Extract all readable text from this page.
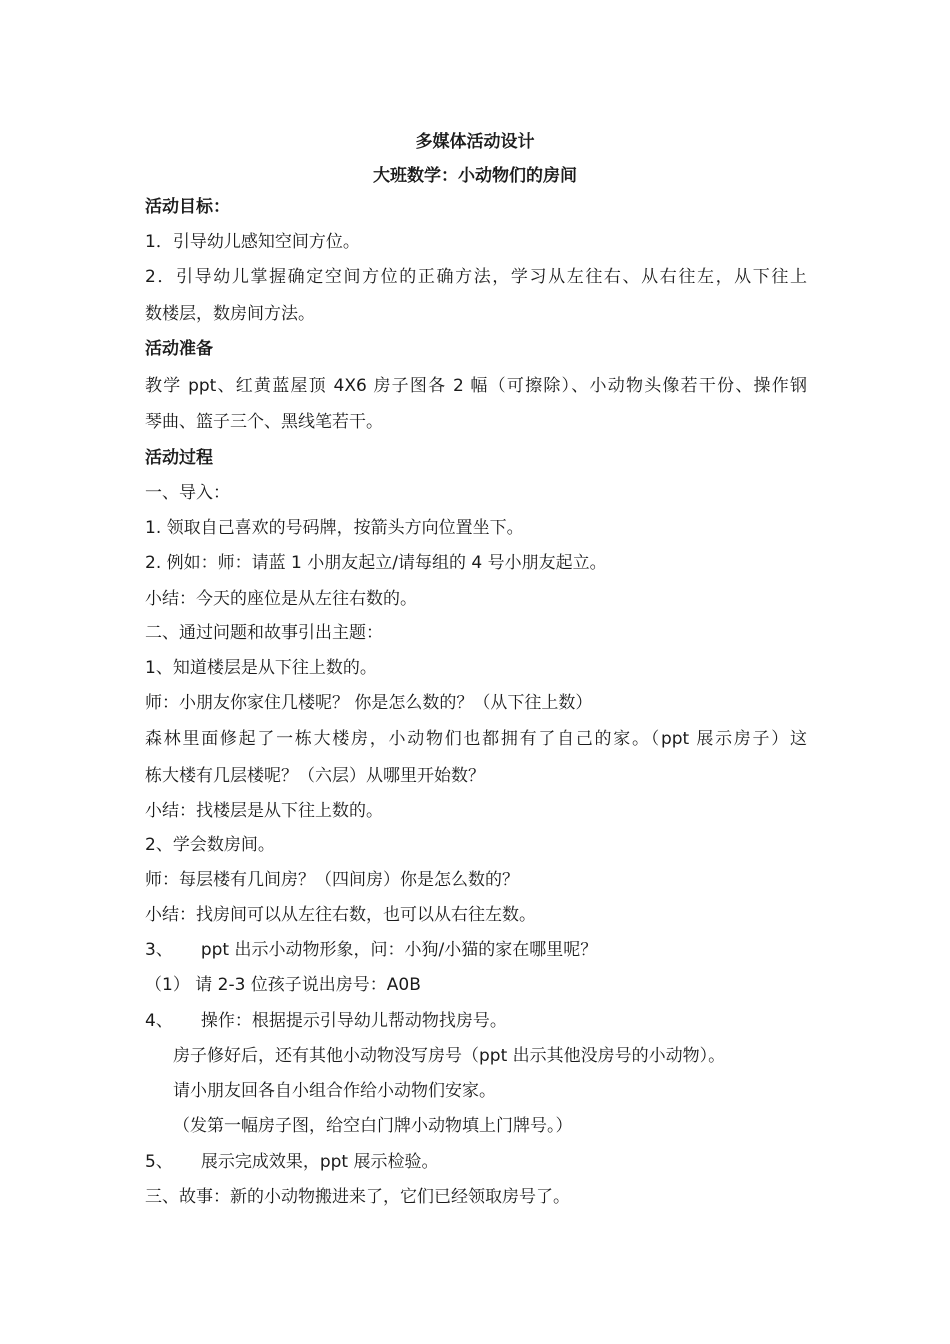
多媒体活动设计
大班数学：小动物们的房间
活动目标：
1．引导幼儿感知空间方位。
2．引导幼儿掌握确定空间方位的正确方法，学习从左往右、从右往左，从下往上
数楼层，数房间方法。
活动准备
教学 ppt、红黄蓝屋顶 4X6 房子图各 2 幅（可擦除）、小动物头像若干份、操作钢
琴曲、篮子三个、黑线笔若干。
活动过程
一、导入：
1. 领取自己喜欢的号码牌，按箭头方向位置坐下。
2. 例如：师：请蓝 1 小朋友起立/请每组的 4 号小朋友起立。
小结：今天的座位是从左往右数的。
二、通过问题和故事引出主题：
1、知道楼层是从下往上数的。
师：小朋友你家住几楼呢？ 你是怎么数的？（从下往上数）
森林里面修起了一栋大楼房，小动物们也都拥有了自己的家。（ppt 展示房子）这
栋大楼有几层楼呢？（六层）从哪里开始数？
小结：找楼层是从下往上数的。
2、学会数房间。
师：每层楼有几间房？（四间房）你是怎么数的？
小结：找房间可以从左往右数，也可以从右往左数。
3、 ppt 出示小动物形象，问：小狗/小猫的家在哪里呢？
（1） 请 2-3 位孩子说出房号：A0B
4、 操作：根据提示引导幼儿帮动物找房号。
房子修好后，还有其他小动物没写房号（ppt 出示其他没房号的小动物）。
请小朋友回各自小组合作给小动物们安家。
（发第一幅房子图，给空白门牌小动物填上门牌号。）
5、 展示完成效果，ppt 展示检验。
三、故事：新的小动物搬进来了，它们已经领取房号了。
